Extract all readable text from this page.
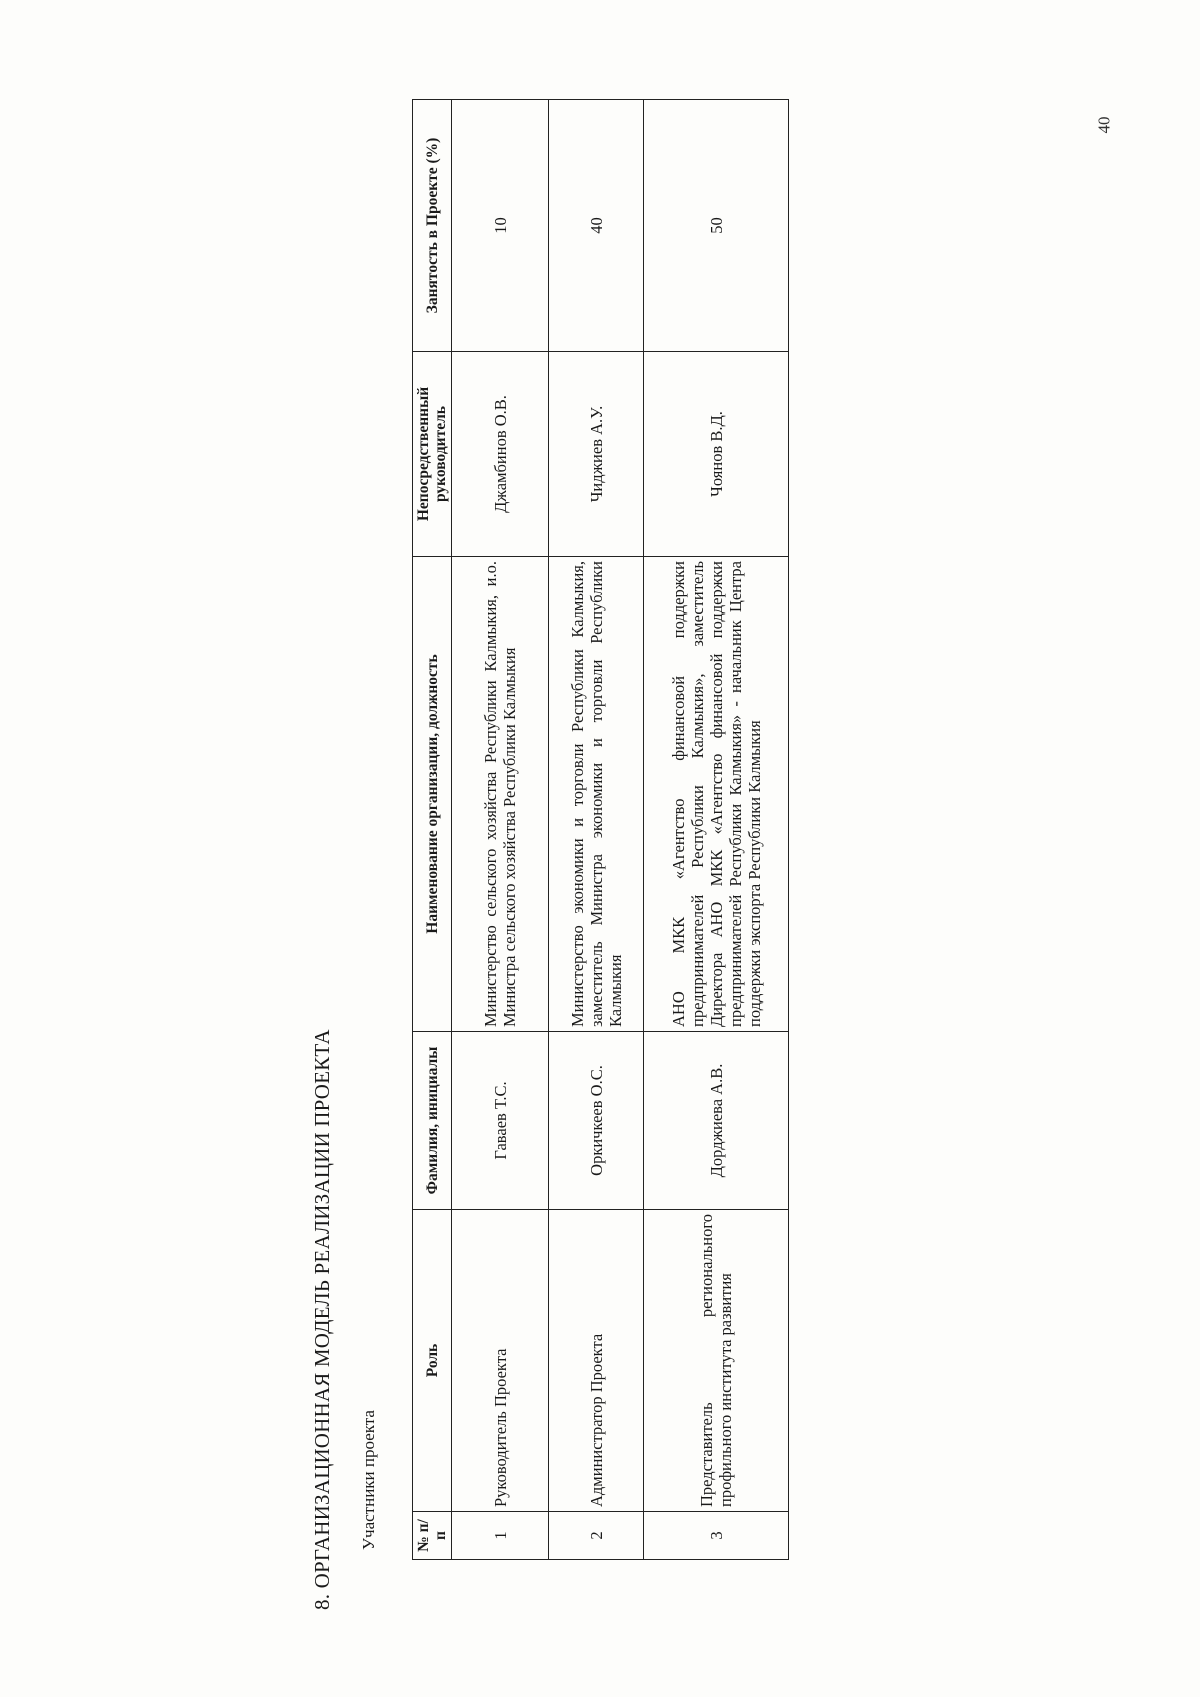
8. ОРГАНИЗАЦИОННАЯ МОДЕЛЬ РЕАЛИЗАЦИИ ПРОЕКТА Участники проекта № п/п	Роль	Фамилия, инициалы	Наименование организации, должность	Непосредственный руководитель	Занятость в Проекте (%)
1	Руководитель Проекта	Гаваев Т.С.	Министерство сельского хозяйства Республики Калмыкия, и.о. Министра сельского хозяйства Республики Калмыкия	Джамбинов О.В.	10
2	Администратор Проекта	Оркичкеев О.С.	Министерство экономики и торговли Республики Калмыкия, заместитель Министра экономики и торговли Республики Калмыкия	Чиджиев А.У.	40
3	Представитель регионального профильного института развития	Дорджиева А.В.	АНО МКК «Агентство финансовой поддержки предпринимателей Республики Калмыкия», заместитель Директора АНО МКК «Агентство финансовой поддержки предпринимателей Республики Калмыкия» - начальник Центра поддержки экспорта Республики Калмыкия	Чоянов В.Д.	50
40
